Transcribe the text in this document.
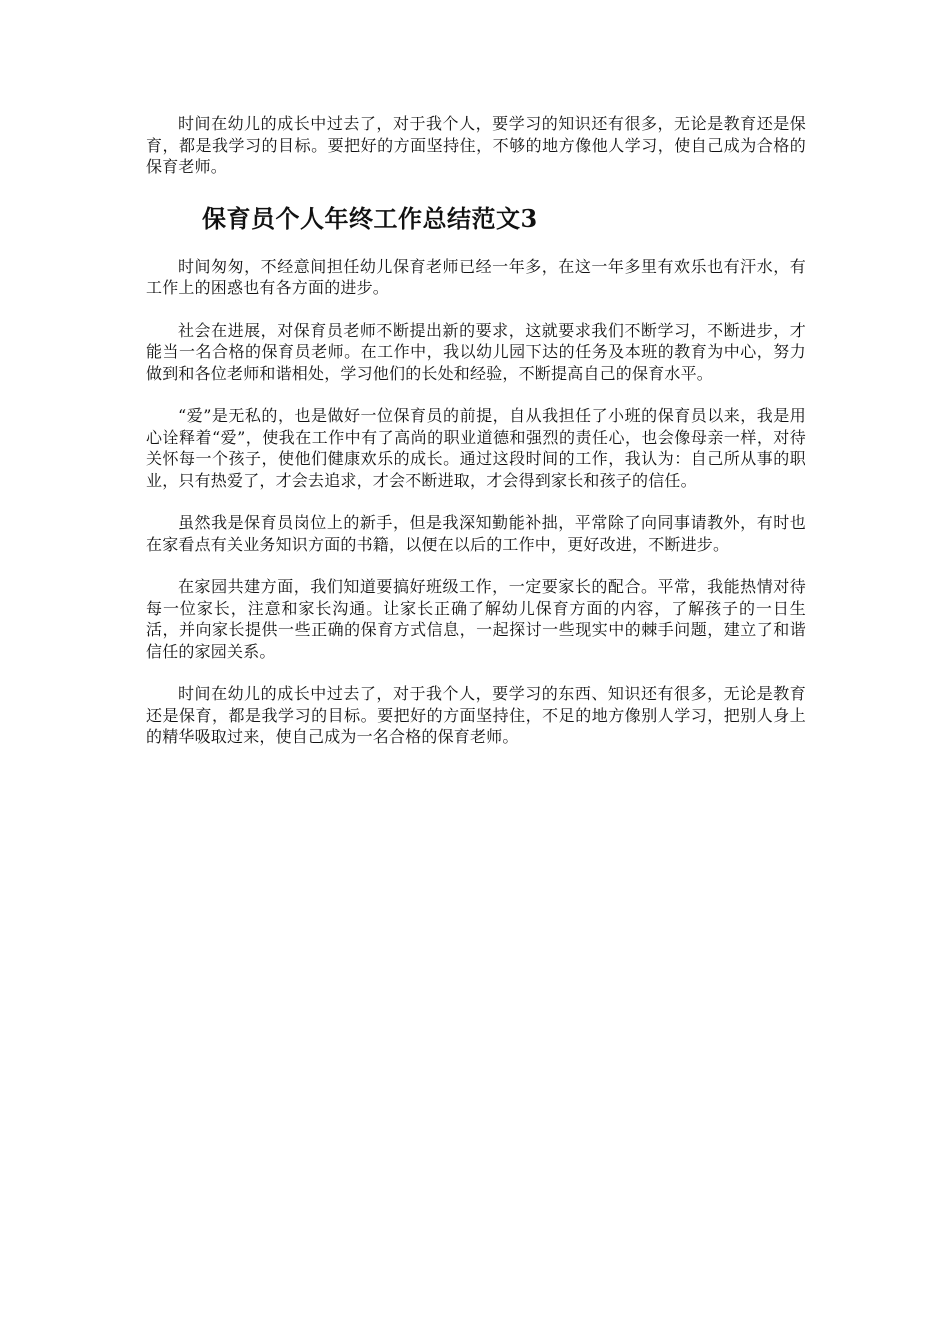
时间在幼儿的成长中过去了，对于我个人，要学习的知识还有很多，无论是教育还是保育，都是我学习的目标。要把好的方面坚持住，不够的地方像他人学习，使自己成为合格的保育老师。

保育员个人年终工作总结范文3

时间匆匆，不经意间担任幼儿保育老师已经一年多，在这一年多里有欢乐也有汗水，有工作上的困惑也有各方面的进步。

社会在进展，对保育员老师不断提出新的要求，这就要求我们不断学习，不断进步，才能当一名合格的保育员老师。在工作中，我以幼儿园下达的任务及本班的教育为中心，努力做到和各位老师和谐相处，学习他们的长处和经验，不断提高自己的保育水平。

“爱”是无私的，也是做好一位保育员的前提，自从我担任了小班的保育员以来，我是用心诠释着“爱”，使我在工作中有了高尚的职业道德和强烈的责任心，也会像母亲一样，对待关怀每一个孩子，使他们健康欢乐的成长。通过这段时间的工作，我认为：自己所从事的职业，只有热爱了，才会去追求，才会不断进取，才会得到家长和孩子的信任。

虽然我是保育员岗位上的新手，但是我深知勤能补拙，平常除了向同事请教外，有时也在家看点有关业务知识方面的书籍，以便在以后的工作中，更好改进，不断进步。

在家园共建方面，我们知道要搞好班级工作，一定要家长的配合。平常，我能热情对待每一位家长，注意和家长沟通。让家长正确了解幼儿保育方面的内容，了解孩子的一日生活，并向家长提供一些正确的保育方式信息，一起探讨一些现实中的棘手问题，建立了和谐信任的家园关系。

时间在幼儿的成长中过去了，对于我个人，要学习的东西、知识还有很多，无论是教育还是保育，都是我学习的目标。要把好的方面坚持住，不足的地方像别人学习，把别人身上的精华吸取过来，使自己成为一名合格的保育老师。
